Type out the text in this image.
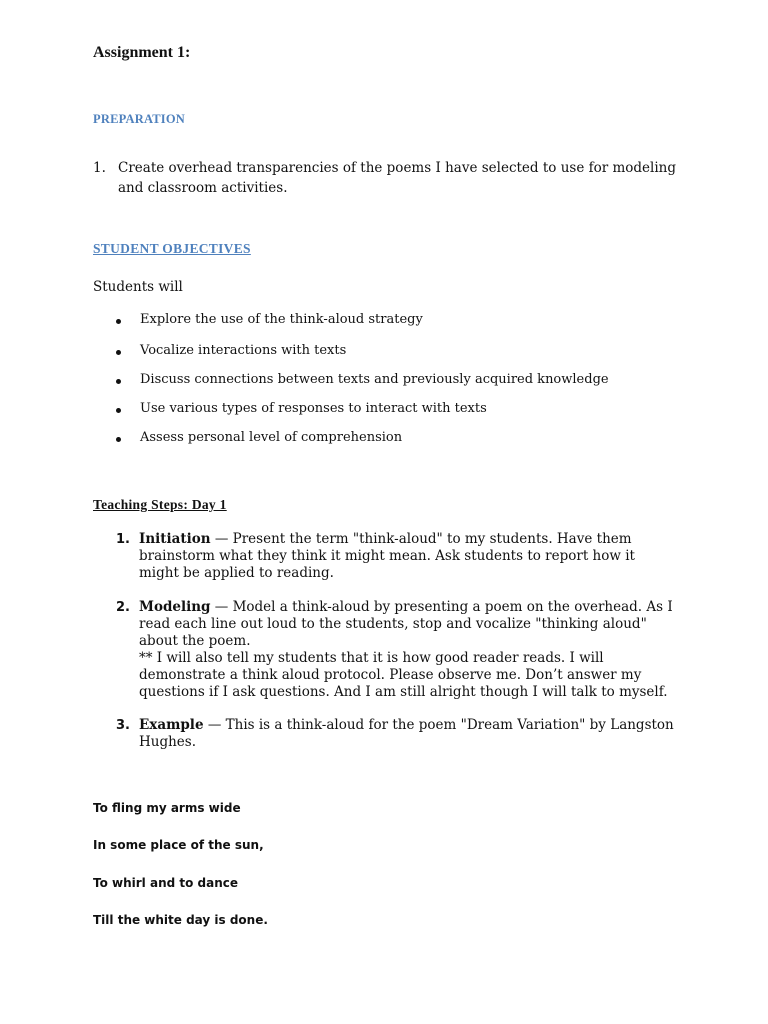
Assignment 1:
PREPARATION
1. Create overhead transparencies of the poems I have selected to use for modeling and classroom activities.
STUDENT OBJECTIVES
Students will
Explore the use of the think-aloud strategy
Vocalize interactions with texts
Discuss connections between texts and previously acquired knowledge
Use various types of responses to interact with texts
Assess personal level of comprehension
Teaching Steps: Day 1
1. Initiation — Present the term "think-aloud" to my students. Have them brainstorm what they think it might mean. Ask students to report how it might be applied to reading.
2. Modeling — Model a think-aloud by presenting a poem on the overhead. As I read each line out loud to the students, stop and vocalize "thinking aloud" about the poem.
** I will also tell my students that it is how good reader reads. I will demonstrate a think aloud protocol. Please observe me. Don’t answer my questions if I ask questions. And I am still alright though I will talk to myself.
3. Example — This is a think-aloud for the poem "Dream Variation" by Langston Hughes.
To fling my arms wide
In some place of the sun,
To whirl and to dance
Till the white day is done.
